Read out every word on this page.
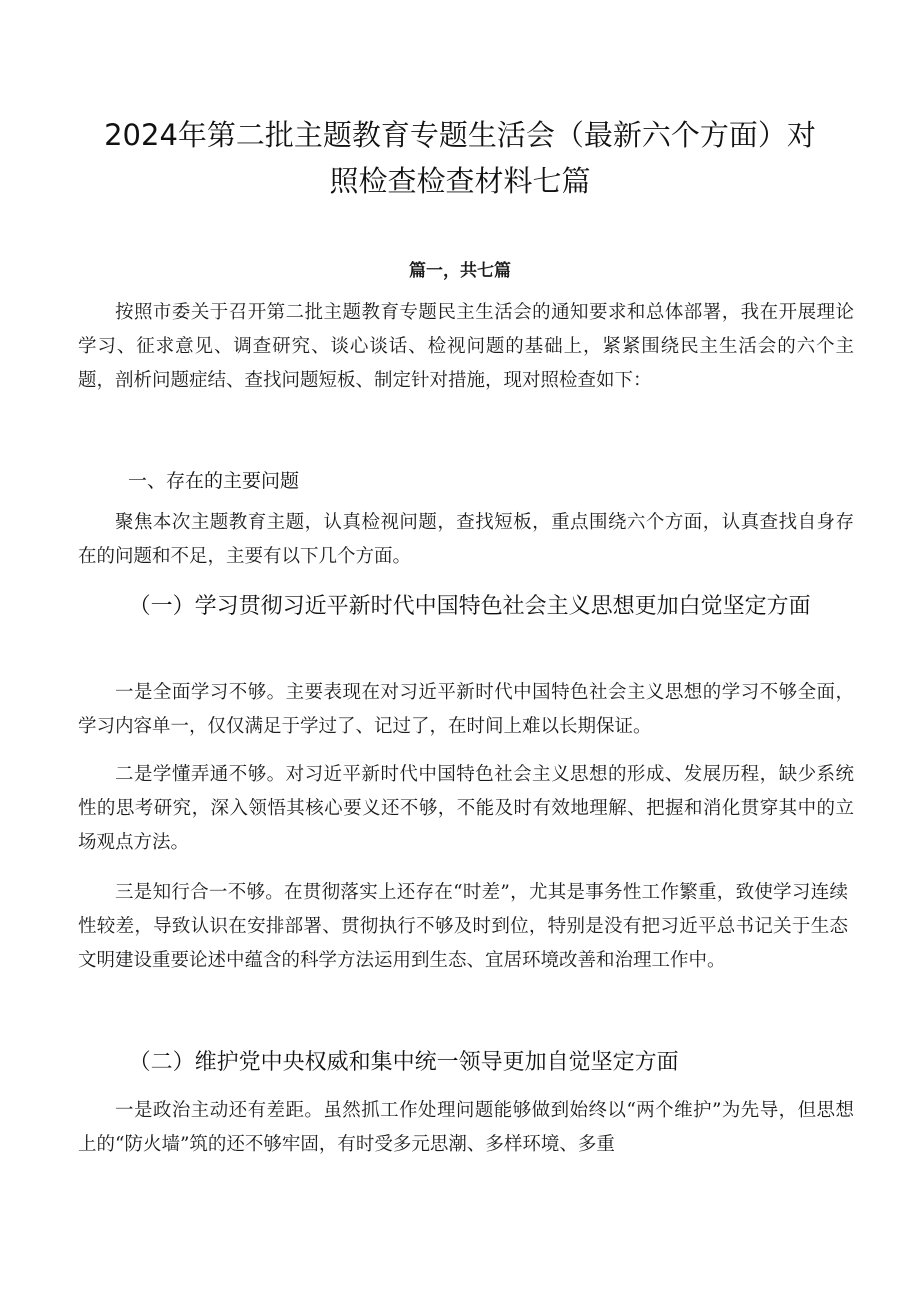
2024年第二批主题教育专题生活会（最新六个方面）对照检查检查材料七篇

篇一，共七篇

按照市委关于召开第二批主题教育专题民主生活会的通知要求和总体部署，我在开展理论学习、征求意见、调查研究、谈心谈话、检视问题的基础上，紧紧围绕民主生活会的六个主题，剖析问题症结、查找问题短板、制定针对措施，现对照检查如下：

一、存在的主要问题

聚焦本次主题教育主题，认真检视问题，查找短板，重点围绕六个方面，认真查找自身存在的问题和不足，主要有以下几个方面。

（一）学习贯彻习近平新时代中国特色社会主义思想更加白觉坚定方面

一是全面学习不够。主要表现在对习近平新时代中国特色社会主义思想的学习不够全面，学习内容单一，仅仅满足于学过了、记过了，在时间上难以长期保证。

二是学懂弄通不够。对习近平新时代中国特色社会主义思想的形成、发展历程，缺少系统性的思考研究，深入领悟其核心要义还不够，不能及时有效地理解、把握和消化贯穿其中的立场观点方法。

三是知行合一不够。在贯彻落实上还存在“时差”，尤其是事务性工作繁重，致使学习连续性较差，导致认识在安排部署、贯彻执行不够及时到位，特别是没有把习近平总书记关于生态文明建设重要论述中蕴含的科学方法运用到生态、宜居环境改善和治理工作中。

（二）维护党中央权威和集中统一领导更加自觉坚定方面

一是政治主动还有差距。虽然抓工作处理问题能够做到始终以“两个维护”为先导，但思想上的“防火墙”筑的还不够牢固，有时受多元思潮、多样环境、多重
